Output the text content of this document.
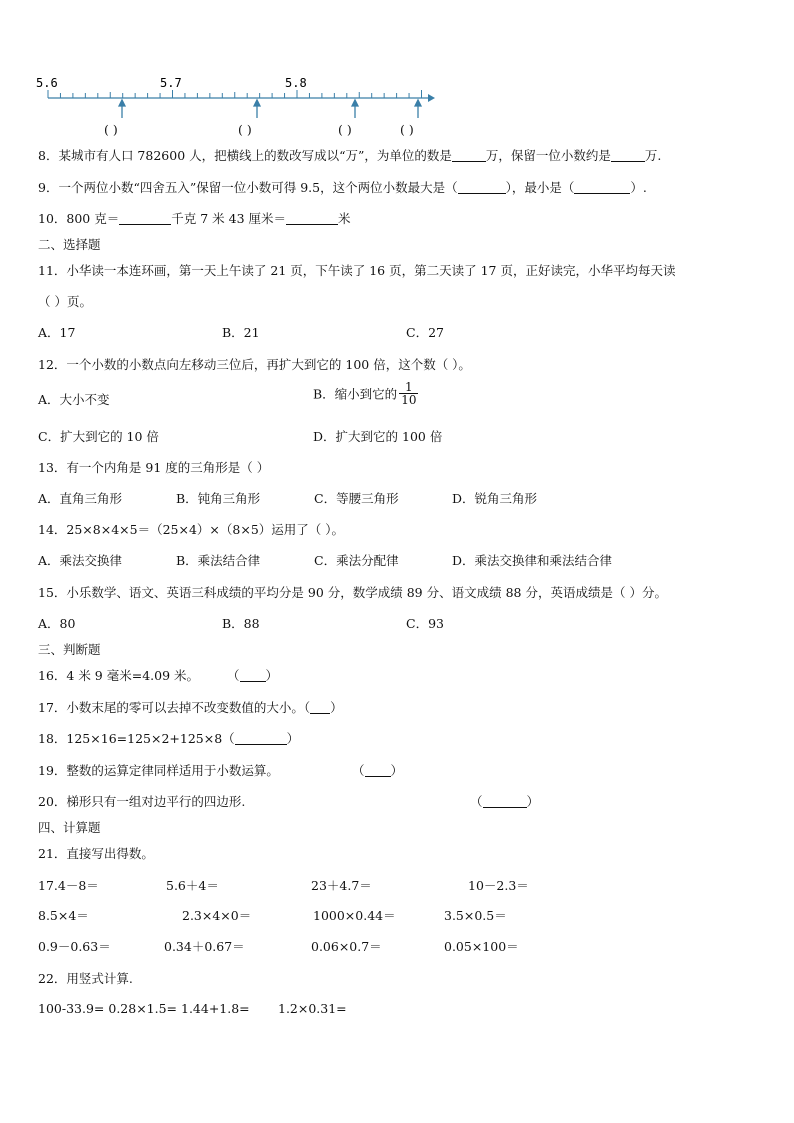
5.6	5.7	5.8
( )	( )	( )	( )
8．某城市有人口 782600 人，把横线上的数改写成以“万”，为单位的数是	万，保留一位小数约是	万.
9．一个两位小数“四舍五入”保留一位小数可得 9.5，这个两位小数最大是（	），最小是（	）.
10．800 克＝	千克 7 米 43 厘米＝	米
二、选择题
11．小华读一本连环画，第一天上午读了 21 页，下午读了 16 页，第二天读了 17 页，正好读完，小华平均每天读
（ ）页。
A．17	B．21	C．27
12．一个小数的小数点向左移动三位后，再扩大到它的 100 倍，这个数（ ）。
A．大小不变	B．缩小到它的 $\frac{1}{10}$
C．扩大到它的 10 倍	D．扩大到它的 100 倍
13．有一个内角是 91 度的三角形是（ ）
A．直角三角形	B．钝角三角形	C．等腰三角形	D．锐角三角形
14．25×8×4×5＝（25×4）×（8×5）运用了（ ）。
A．乘法交换律	B．乘法结合律	C．乘法分配律	D．乘法交换律和乘法结合律
15．小乐数学、语文、英语三科成绩的平均分是 90 分，数学成绩 89 分、语文成绩 88 分，英语成绩是（ ）分。
A．80	B．88	C．93
三、判断题
16．4 米 9 毫米=4.09 米。 （ ）
17．小数末尾的零可以去掉不改变数值的大小。（ ）
18．125×16=125×2+125×8（	）
19．整数的运算定律同样适用于小数运算。	（ ）
20．梯形只有一组对边平行的四边形.	（	）
四、计算题
21．直接写出得数。
17.4－8＝	5.6＋4＝	23＋4.7＝	10－2.3＝
8.5×4＝	2.3×4×0＝	1000×0.44＝	3.5×0.5＝
0.9－0.63＝	0.34＋0.67＝	0.06×0.7＝	0.05×100＝
22．用竖式计算.
100-33.9= 0.28×1.5= 1.44+1.8= 1.2×0.31=
